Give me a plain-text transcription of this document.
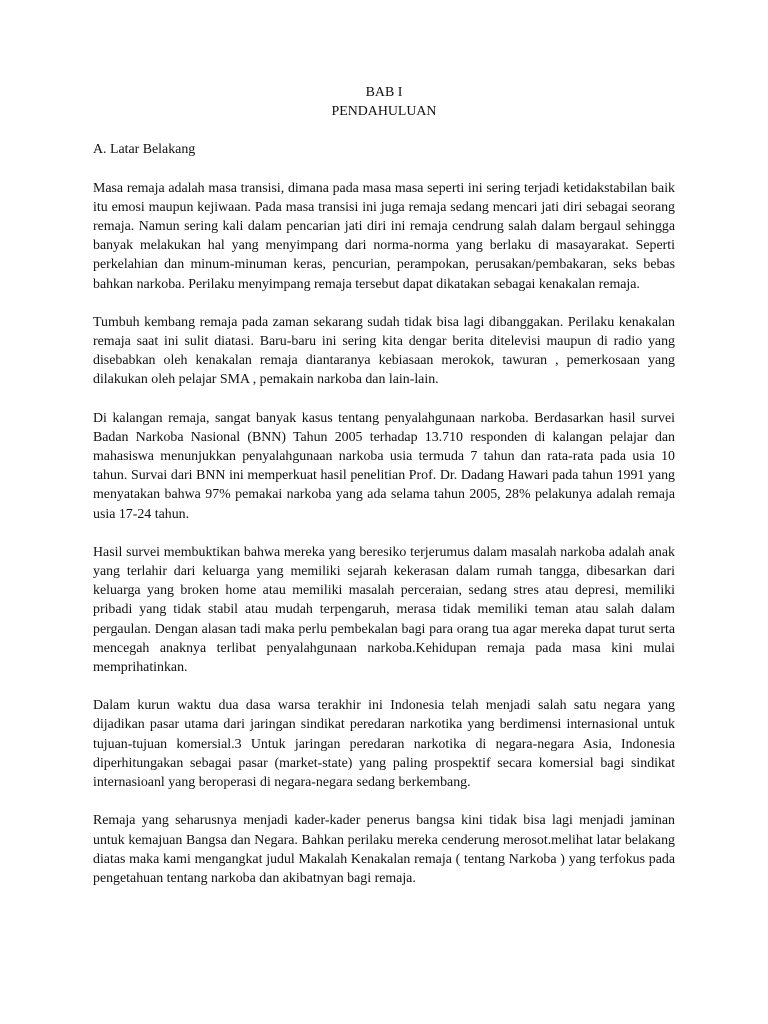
BAB I
PENDAHULUAN
A. Latar Belakang

Masa remaja adalah masa transisi, dimana pada masa masa seperti ini sering terjadi ketidakstabilan baik itu emosi maupun kejiwaan. Pada masa transisi ini juga remaja sedang mencari jati diri sebagai seorang remaja. Namun sering kali dalam pencarian jati diri ini remaja cendrung salah dalam bergaul sehingga banyak melakukan hal yang menyimpang dari norma-norma yang berlaku di masayarakat. Seperti perkelahian dan minum-minuman keras, pencurian, perampokan, perusakan/pembakaran, seks bebas bahkan narkoba. Perilaku menyimpang remaja tersebut dapat dikatakan sebagai kenakalan remaja.

Tumbuh kembang remaja pada zaman sekarang sudah tidak bisa lagi dibanggakan. Perilaku kenakalan remaja saat ini sulit diatasi. Baru-baru ini sering kita dengar berita ditelevisi maupun di radio yang disebabkan oleh kenakalan remaja diantaranya kebiasaan merokok, tawuran , pemerkosaan yang dilakukan oleh pelajar SMA , pemakain narkoba dan lain-lain.

Di kalangan remaja, sangat banyak kasus tentang penyalahgunaan narkoba. Berdasarkan hasil survei Badan Narkoba Nasional (BNN) Tahun 2005 terhadap 13.710 responden di kalangan pelajar dan mahasiswa menunjukkan penyalahgunaan narkoba usia termuda 7 tahun dan rata-rata pada usia 10 tahun. Survai dari BNN ini memperkuat hasil penelitian Prof. Dr. Dadang Hawari pada tahun 1991 yang menyatakan bahwa 97% pemakai narkoba yang ada selama tahun 2005, 28% pelakunya adalah remaja usia 17-24 tahun.

Hasil survei membuktikan bahwa mereka yang beresiko terjerumus dalam masalah narkoba adalah anak yang terlahir dari keluarga yang memiliki sejarah kekerasan dalam rumah tangga, dibesarkan dari keluarga yang broken home atau memiliki masalah perceraian, sedang stres atau depresi, memiliki pribadi yang tidak stabil atau mudah terpengaruh, merasa tidak memiliki teman atau salah dalam pergaulan. Dengan alasan tadi maka perlu pembekalan bagi para orang tua agar mereka dapat turut serta mencegah anaknya terlibat penyalahgunaan narkoba.Kehidupan remaja pada masa kini mulai memprihatinkan.

Dalam kurun waktu dua dasa warsa terakhir ini Indonesia telah menjadi salah satu negara yang dijadikan pasar utama dari jaringan sindikat peredaran narkotika yang berdimensi internasional untuk tujuan-tujuan komersial.3 Untuk jaringan peredaran narkotika di negara-negara Asia, Indonesia diperhitungakan sebagai pasar (market-state) yang paling prospektif secara komersial bagi sindikat internasioanl yang beroperasi di negara-negara sedang berkembang.

Remaja yang seharusnya menjadi kader-kader penerus bangsa kini tidak bisa lagi menjadi jaminan untuk kemajuan Bangsa dan Negara. Bahkan perilaku mereka cenderung merosot.melihat latar belakang diatas maka kami mengangkat judul Makalah Kenakalan remaja ( tentang Narkoba ) yang terfokus pada pengetahuan tentang narkoba dan akibatnyan bagi remaja.
